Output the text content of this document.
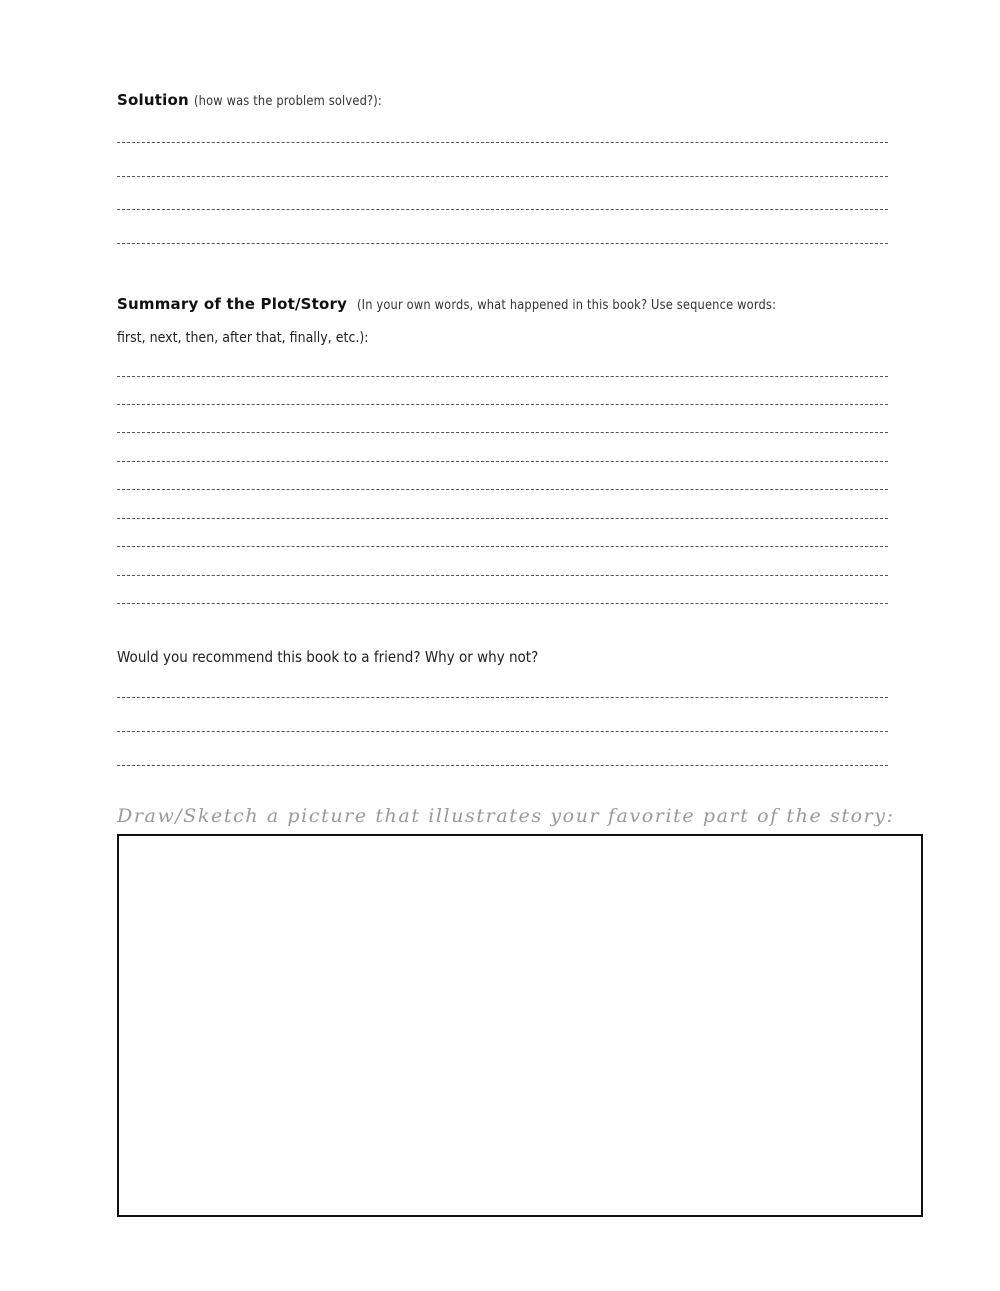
Solution (how was the problem solved?):
Summary of the Plot/Story (In your own words, what happened in this book? Use sequence words:
first, next, then, after that, finally, etc.):
Would you recommend this book to a friend? Why or why not?
Draw/Sketch a picture that illustrates your favorite part of the story:
